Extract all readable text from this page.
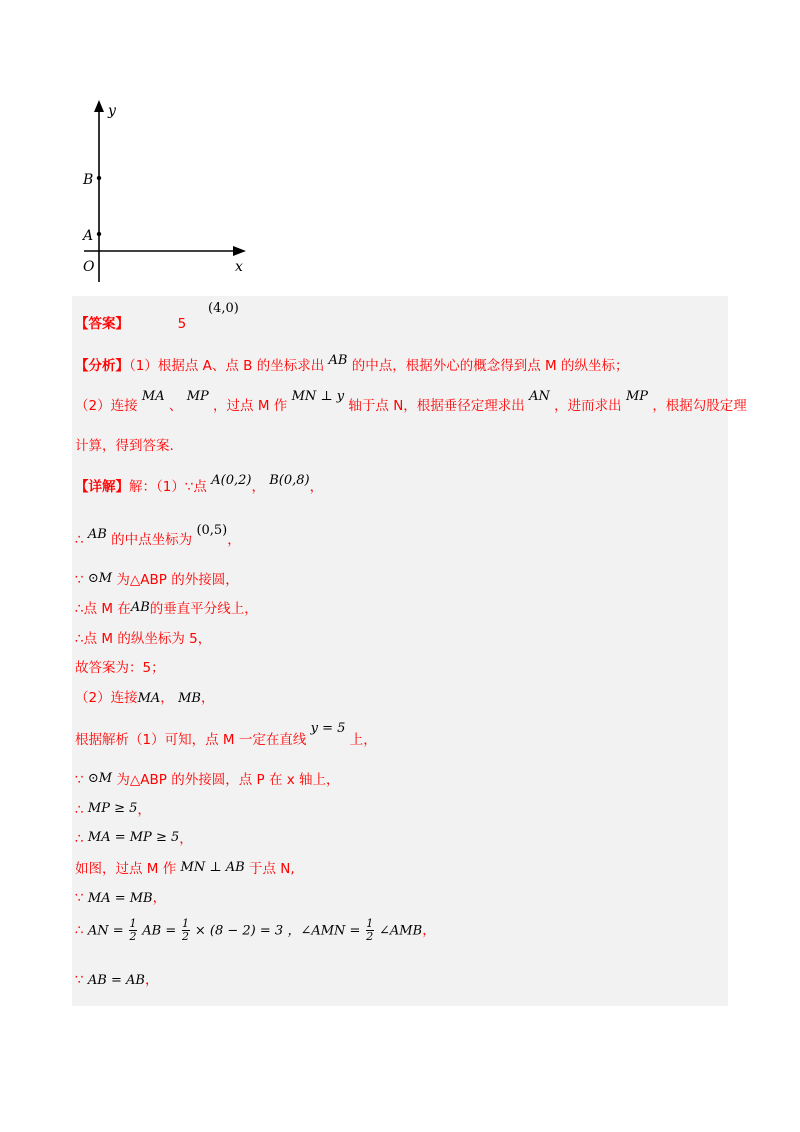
y
x
O
B
A
【答案】	5
(4,0)
【分析】（1）根据点 A、点 B 的坐标求出 AB 的中点，根据外心的概念得到点 M 的纵坐标；
（2）连接 MA 、 MP ，过点 M 作 MN ⊥ y 轴于点 N，根据垂径定理求出 AN ，进而求出 MP ，根据勾股定理
计算，得到答案.
【详解】解：（1）∵点 A(0,2)， B(0,8)，
∴ AB 的中点坐标为 (0,5)，
∵ ⊙M 为△ABP 的外接圆，
∴点 M 在AB的垂直平分线上，
∴点 M 的纵坐标为 5，
故答案为：5；
（2）连接MA， MB，
根据解析（1）可知，点 M 一定在直线 y = 5 上，
∵ ⊙M 为△ABP 的外接圆，点 P 在 x 轴上，
∴ MP ≥ 5，
∴ MA = MP ≥ 5，
如图，过点 M 作 MN ⊥ AB 于点 N,
∵ MA = MB，
∴ AN = $\frac{1}{2}$ AB = $\frac{1}{2} \times (8 - 2) = 3$ ，∠AMN = $\frac{1}{2}$ ∠AMB，
∵ AB = AB，
